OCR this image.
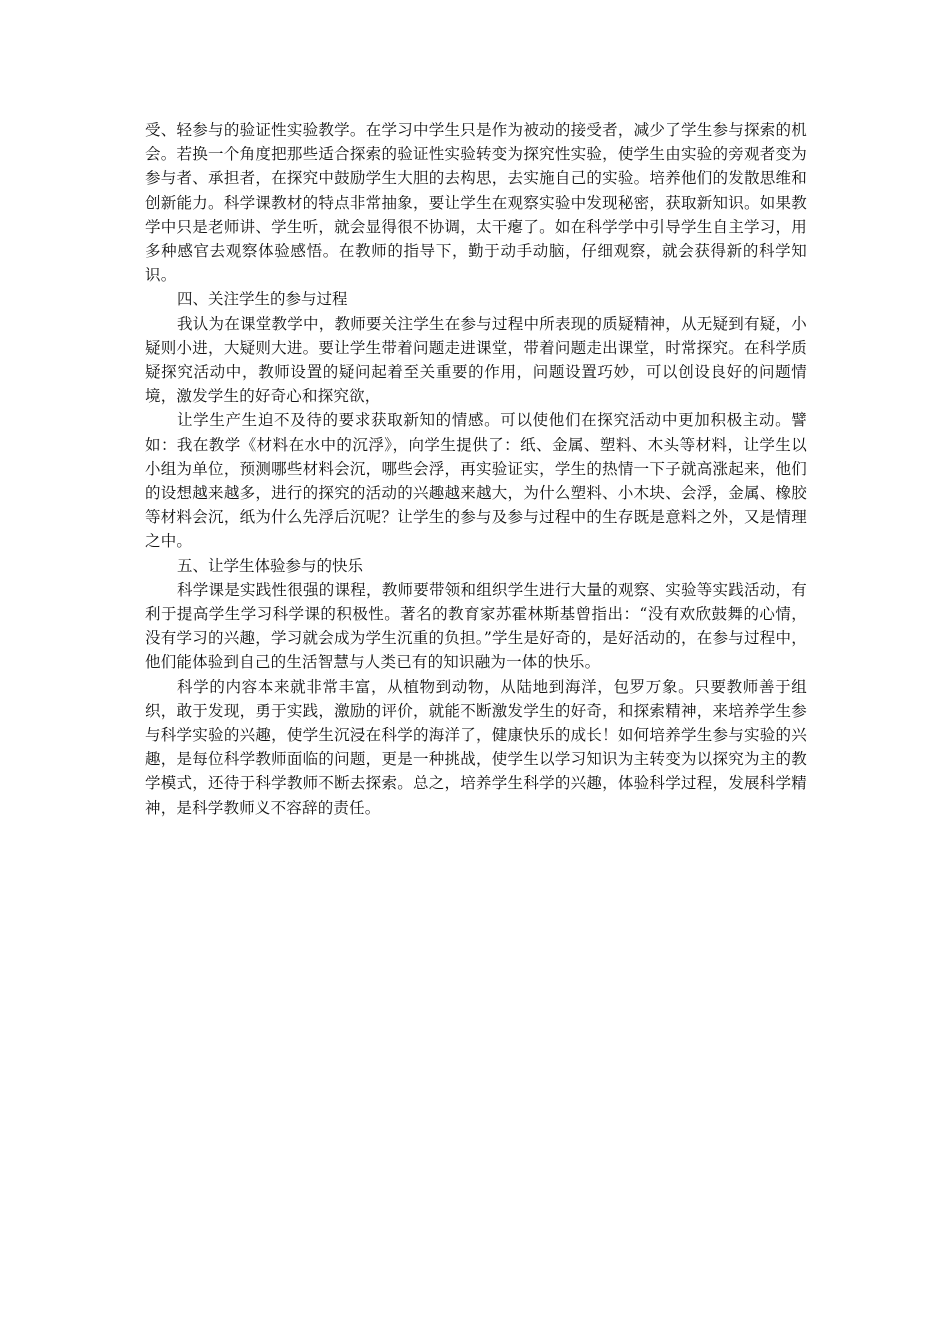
受、轻参与的验证性实验教学。在学习中学生只是作为被动的接受者，减少了学生参与探索的机会。若换一个角度把那些适合探索的验证性实验转变为探究性实验，使学生由实验的旁观者变为参与者、承担者，在探究中鼓励学生大胆的去构思，去实施自己的实验。培养他们的发散思维和创新能力。科学课教材的特点非常抽象，要让学生在观察实验中发现秘密，获取新知识。如果教学中只是老师讲、学生听，就会显得很不协调，太干瘪了。如在科学学中引导学生自主学习，用多种感官去观察体验感悟。在教师的指导下，勤于动手动脑，仔细观察，就会获得新的科学知识。

四、关注学生的参与过程

我认为在课堂教学中，教师要关注学生在参与过程中所表现的质疑精神，从无疑到有疑，小疑则小进，大疑则大进。要让学生带着问题走进课堂，带着问题走出课堂，时常探究。在科学质疑探究活动中，教师设置的疑问起着至关重要的作用，问题设置巧妙，可以创设良好的问题情境，激发学生的好奇心和探究欲，

让学生产生迫不及待的要求获取新知的情感。可以使他们在探究活动中更加积极主动。譬如：我在教学《材料在水中的沉浮》，向学生提供了：纸、金属、塑料、木头等材料，让学生以小组为单位，预测哪些材料会沉，哪些会浮，再实验证实，学生的热情一下子就高涨起来，他们的设想越来越多，进行的探究的活动的兴趣越来越大，为什么塑料、小木块、会浮，金属、橡胶等材料会沉，纸为什么先浮后沉呢？让学生的参与及参与过程中的生存既是意料之外，又是情理之中。

五、让学生体验参与的快乐

科学课是实践性很强的课程，教师要带领和组织学生进行大量的观察、实验等实践活动，有利于提高学生学习科学课的积极性。著名的教育家苏霍林斯基曾指出：“没有欢欣鼓舞的心情，没有学习的兴趣，学习就会成为学生沉重的负担。”学生是好奇的，是好活动的，在参与过程中，他们能体验到自己的生活智慧与人类已有的知识融为一体的快乐。

科学的内容本来就非常丰富，从植物到动物，从陆地到海洋，包罗万象。只要教师善于组织，敢于发现，勇于实践，激励的评价，就能不断激发学生的好奇，和探索精神，来培养学生参与科学实验的兴趣，使学生沉浸在科学的海洋了，健康快乐的成长！如何培养学生参与实验的兴趣，是每位科学教师面临的问题，更是一种挑战，使学生以学习知识为主转变为以探究为主的教学模式，还待于科学教师不断去探索。总之，培养学生科学的兴趣，体验科学过程，发展科学精神，是科学教师义不容辞的责任。
